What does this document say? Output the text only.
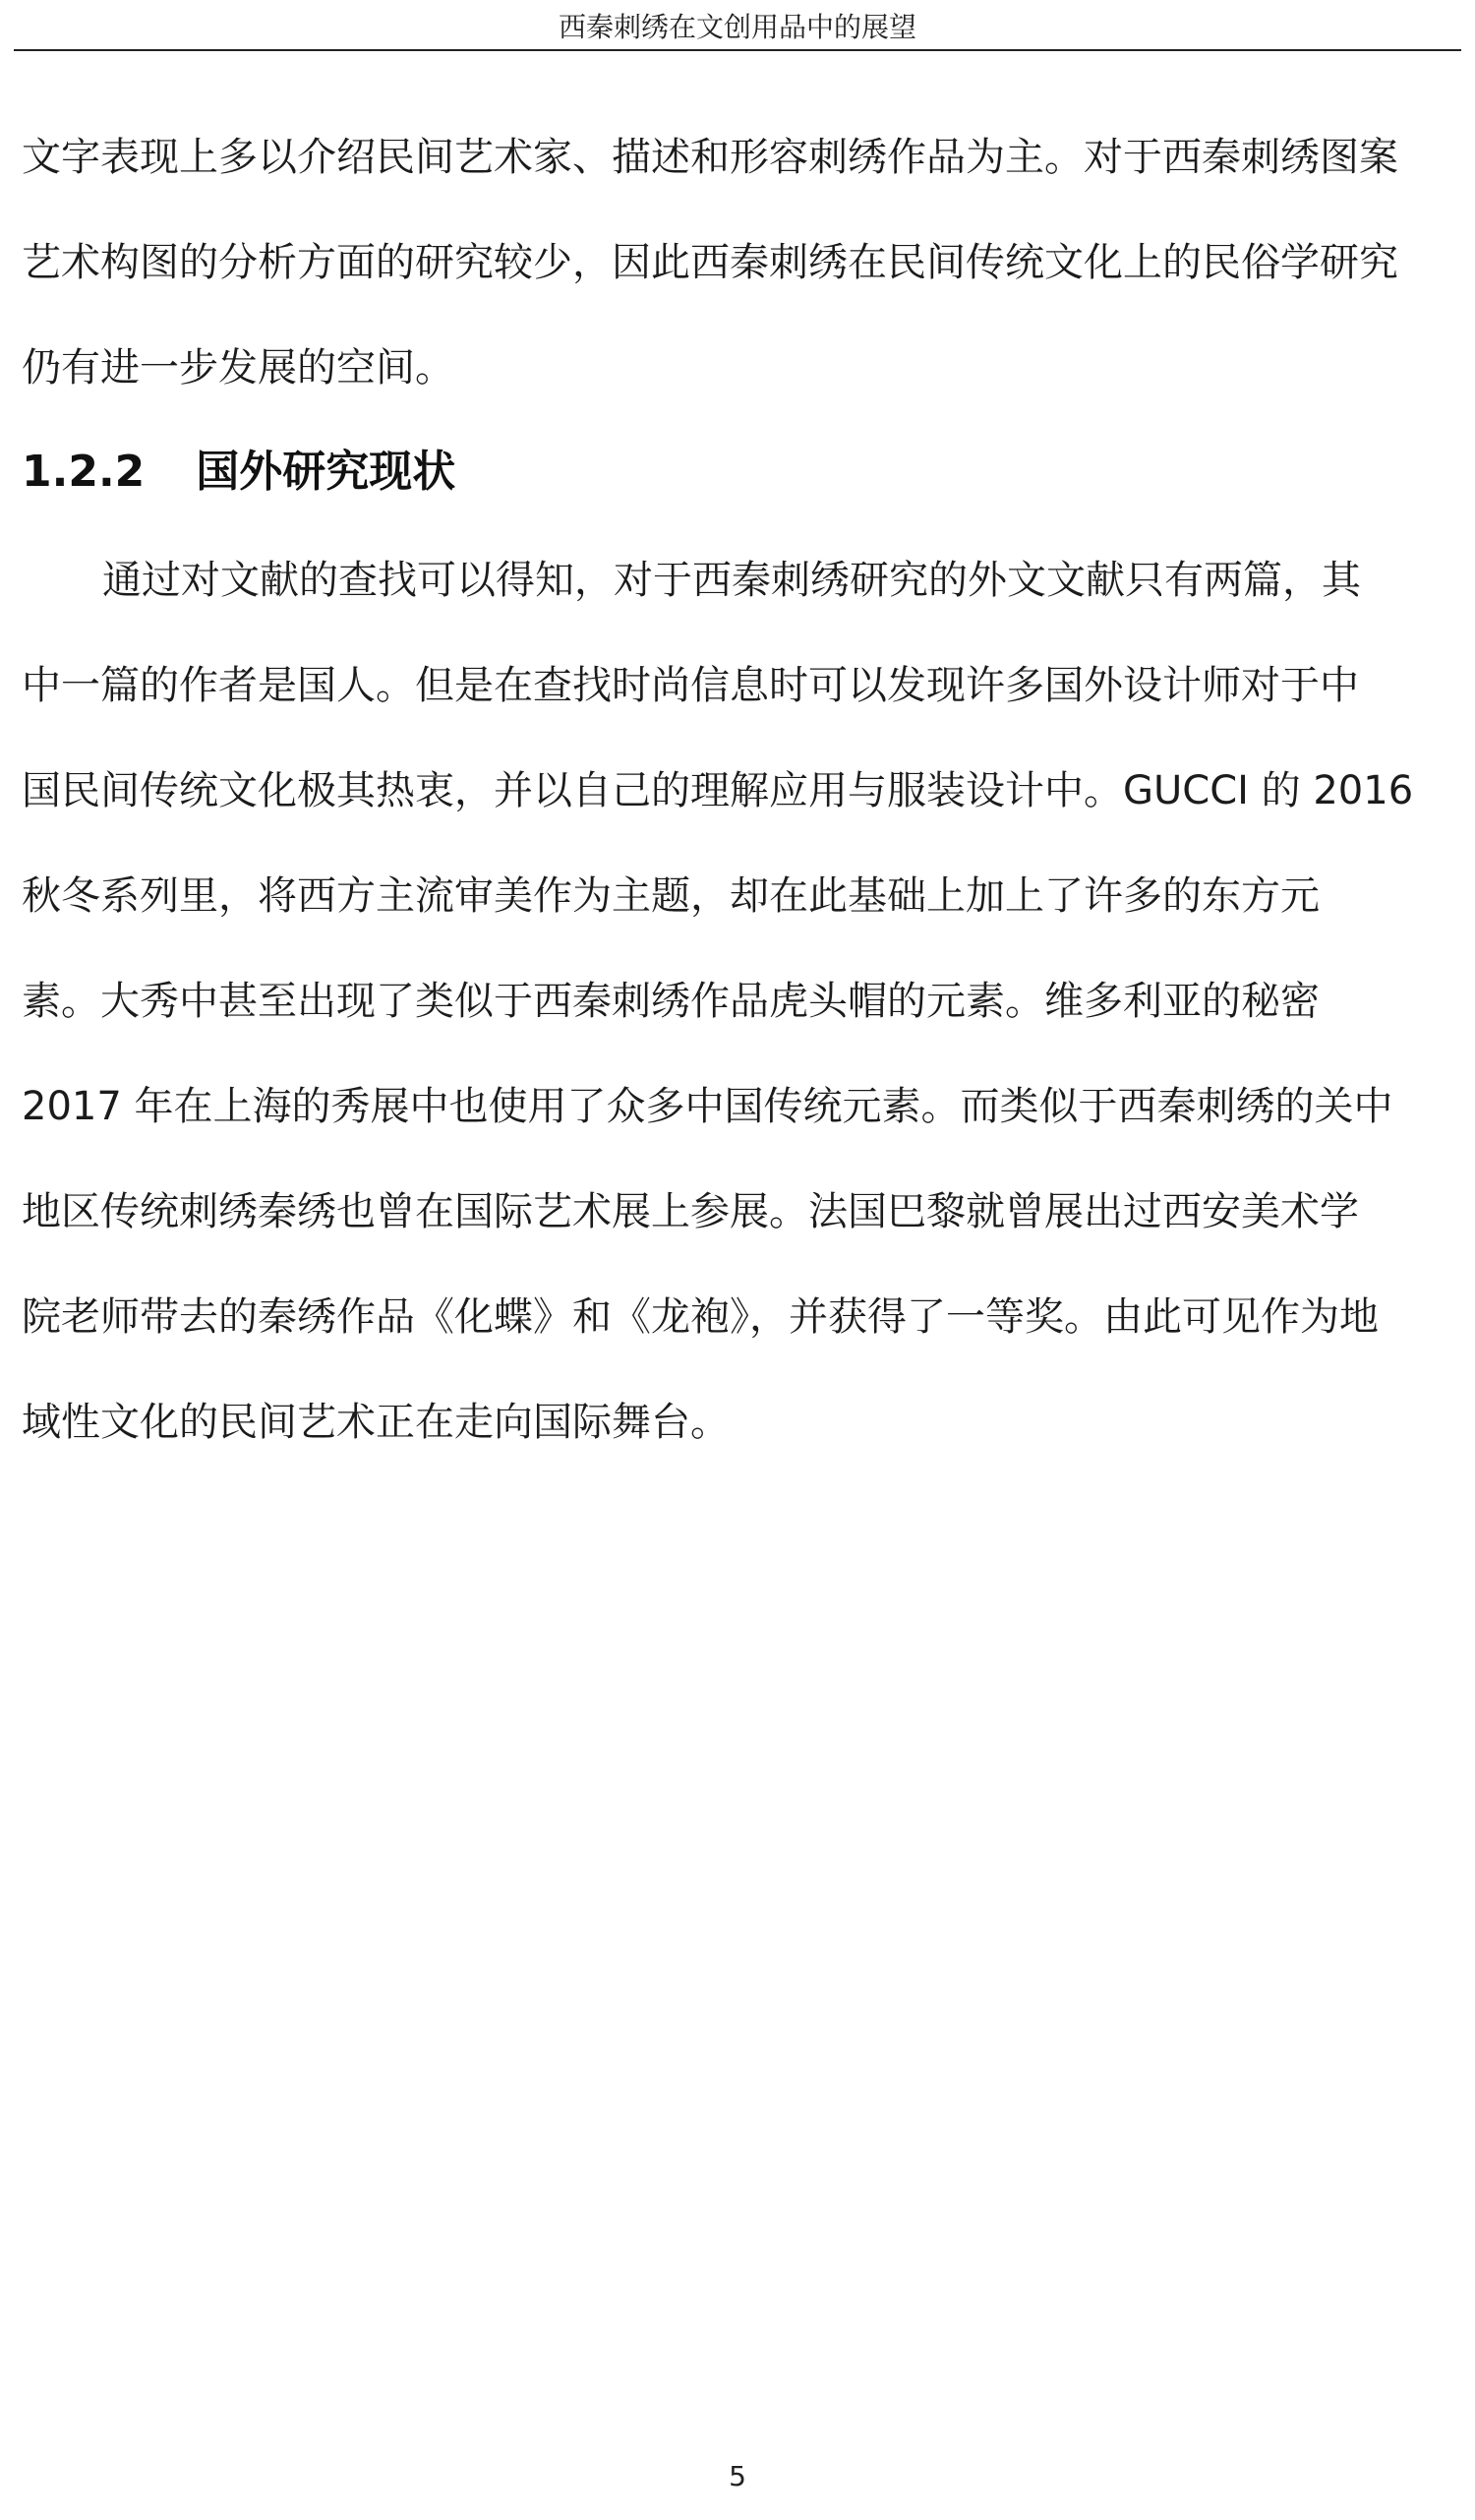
西秦刺绣在文创用品中的展望
文字表现上多以介绍民间艺术家、描述和形容刺绣作品为主。对于西秦刺绣图案
艺术构图的分析方面的研究较少，因此西秦刺绣在民间传统文化上的民俗学研究
仍有进一步发展的空间。
1.2.2 国外研究现状
通过对文献的查找可以得知，对于西秦刺绣研究的外文文献只有两篇，其
中一篇的作者是国人。但是在查找时尚信息时可以发现许多国外设计师对于中
国民间传统文化极其热衷，并以自己的理解应用与服装设计中。GUCCI 的 2016
秋冬系列里，将西方主流审美作为主题，却在此基础上加上了许多的东方元
素。大秀中甚至出现了类似于西秦刺绣作品虎头帽的元素。维多利亚的秘密
2017 年在上海的秀展中也使用了众多中国传统元素。而类似于西秦刺绣的关中
地区传统刺绣秦绣也曾在国际艺术展上参展。法国巴黎就曾展出过西安美术学
院老师带去的秦绣作品《化蝶》和《龙袍》，并获得了一等奖。由此可见作为地
域性文化的民间艺术正在走向国际舞台。
5
